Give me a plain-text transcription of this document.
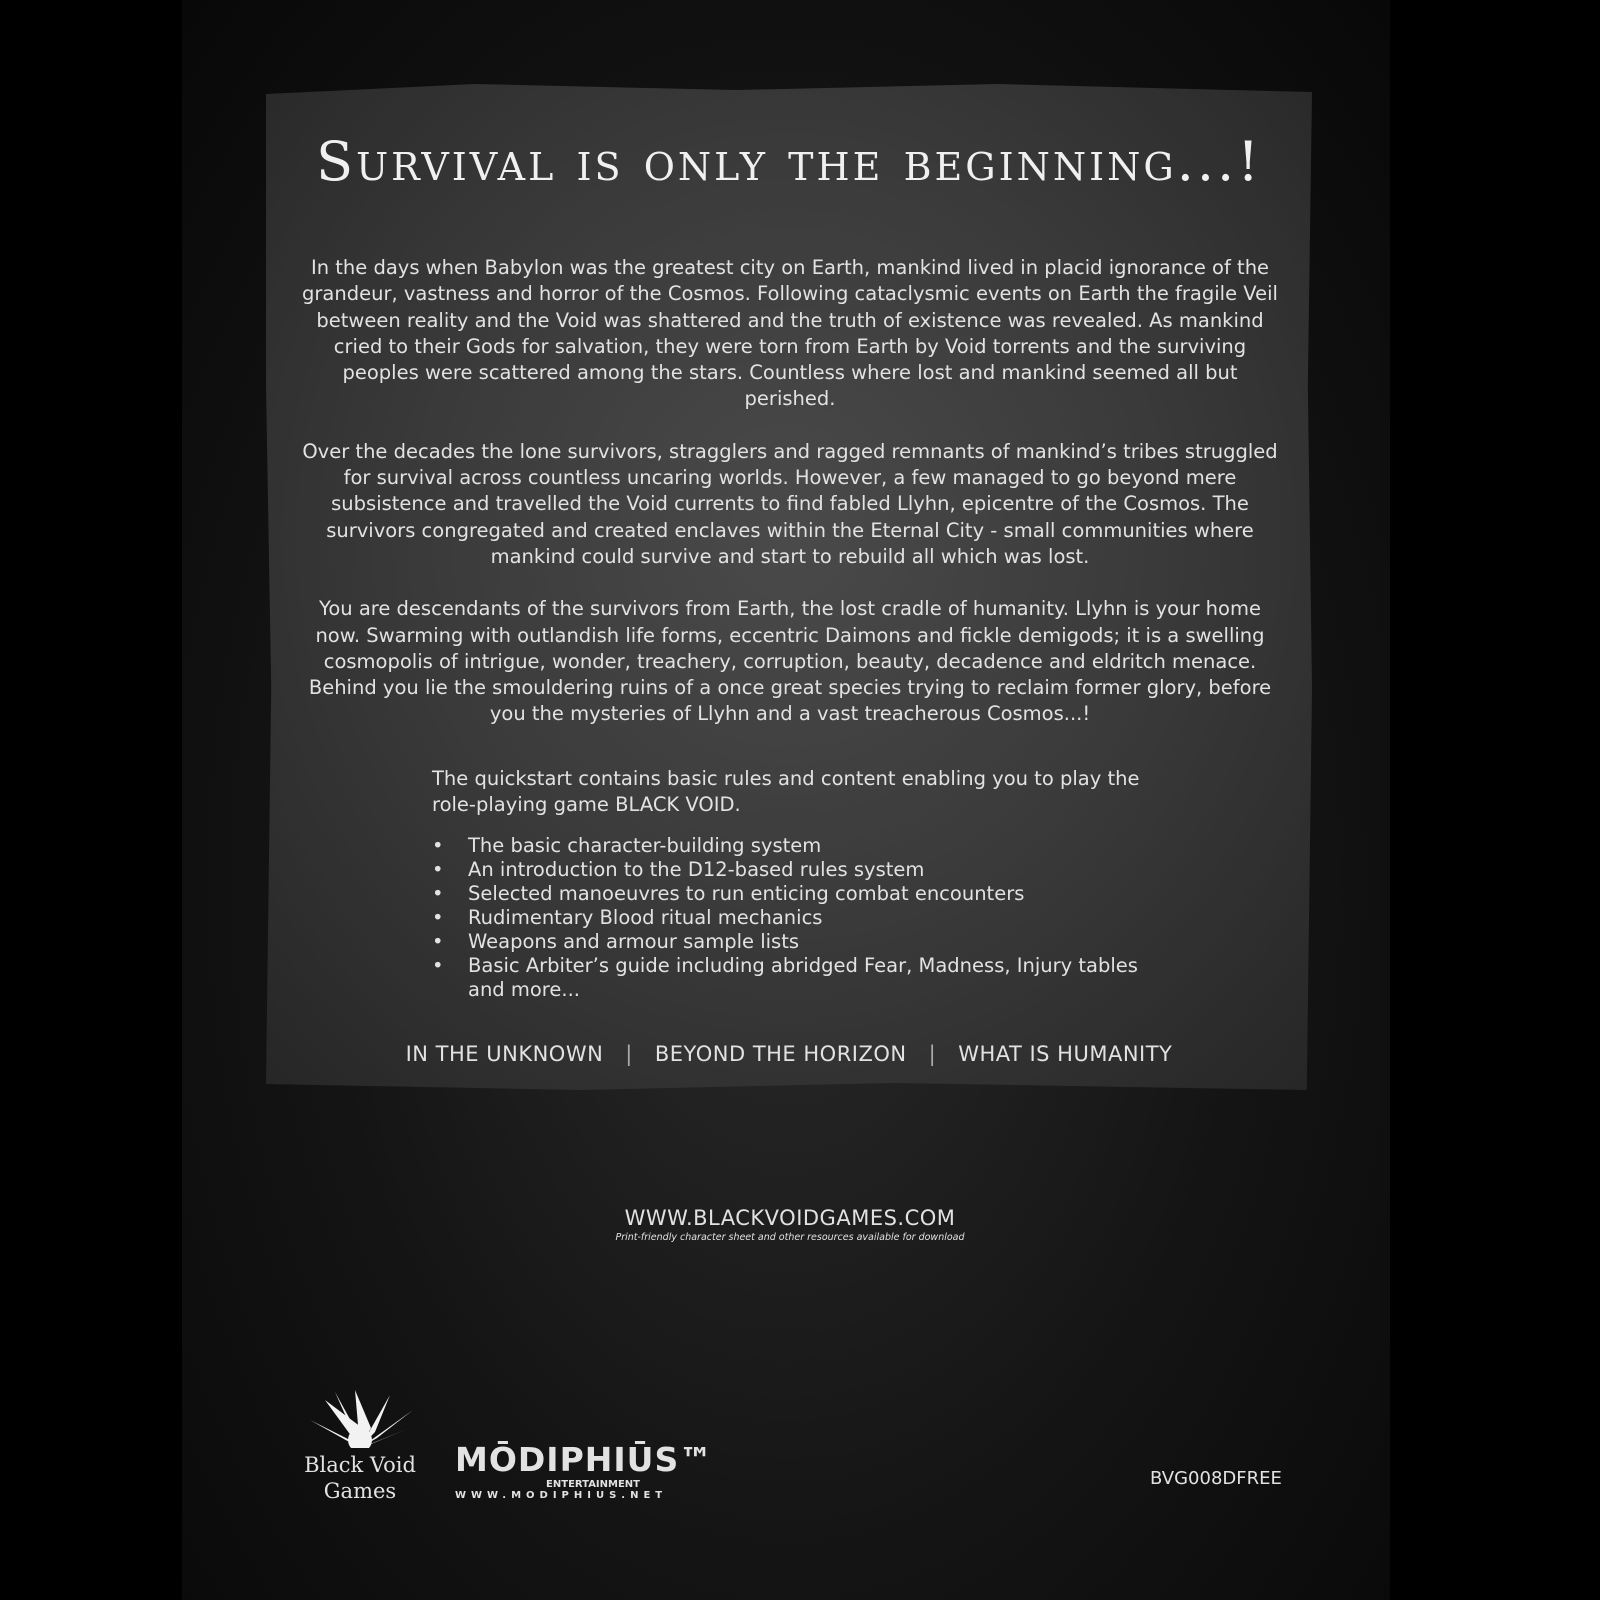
Survival is only the beginning...!

In the days when Babylon was the greatest city on Earth, mankind lived in placid ignorance of the grandeur, vastness and horror of the Cosmos. Following cataclysmic events on Earth the fragile Veil between reality and the Void was shattered and the truth of existence was revealed. As mankind cried to their Gods for salvation, they were torn from Earth by Void torrents and the surviving peoples were scattered among the stars. Countless where lost and mankind seemed all but perished.

Over the decades the lone survivors, stragglers and ragged remnants of mankind’s tribes struggled for survival across countless uncaring worlds. However, a few managed to go beyond mere subsistence and travelled the Void currents to find fabled Llyhn, epicentre of the Cosmos. The survivors congregated and created enclaves within the Eternal City - small communities where mankind could survive and start to rebuild all which was lost.

You are descendants of the survivors from Earth, the lost cradle of humanity. Llyhn is your home now. Swarming with outlandish life forms, eccentric Daimons and fickle demigods; it is a swelling cosmopolis of intrigue, wonder, treachery, corruption, beauty, decadence and eldritch menace. Behind you lie the smouldering ruins of a once great species trying to reclaim former glory, before you the mysteries of Llyhn and a vast treacherous Cosmos...!

The quickstart contains basic rules and content enabling you to play the role-playing game BLACK VOID.

• The basic character-building system
• An introduction to the D12-based rules system
• Selected manoeuvres to run enticing combat encounters
• Rudimentary Blood ritual mechanics
• Weapons and armour sample lists
• Basic Arbiter’s guide including abridged Fear, Madness, Injury tables and more...
IN THE UNKNOWN | BEYOND THE HORIZON | WHAT IS HUMANITY
WWW.BLACKVOIDGAMES.COM
Print-friendly character sheet and other resources available for download
Black Void
Games
MŌDIPHIŪS™
ENTERTAINMENT
WWW.MODIPHIUS.NET
BVG008DFREE
